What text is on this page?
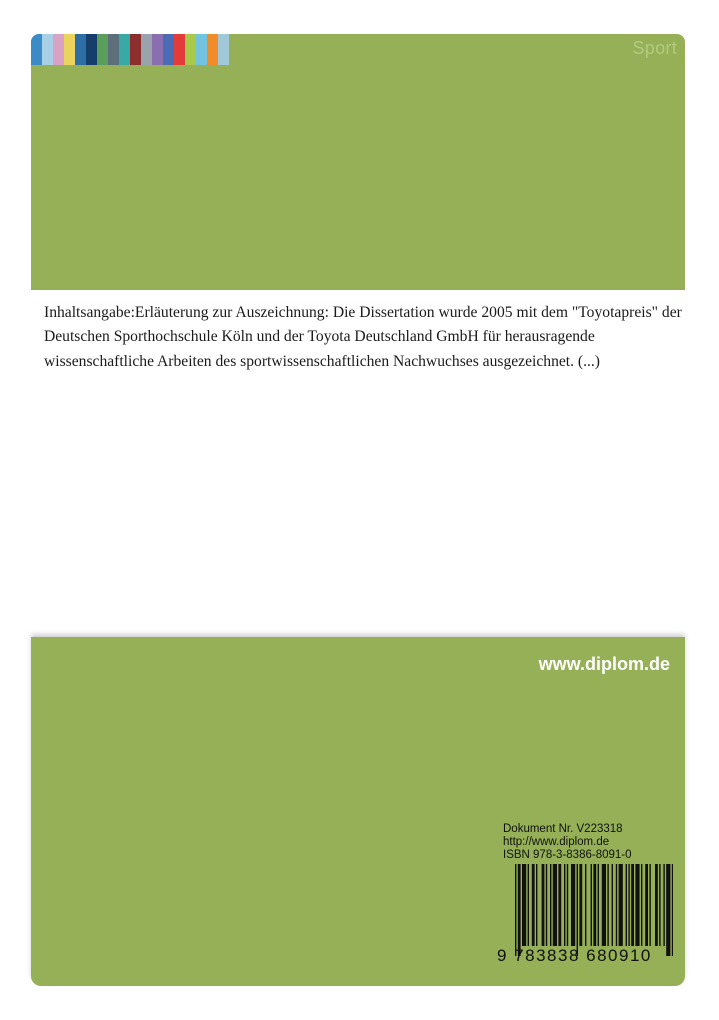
Sport

Inhaltsangabe:Erläuterung zur Auszeichnung: Die Dissertation wurde 2005 mit dem "Toyotapreis" der Deutschen Sporthochschule Köln und der Toyota Deutschland GmbH für herausragende wissenschaftliche Arbeiten des sportwissenschaftlichen Nachwuchses ausgezeichnet. (...)

www.diplom.de
Dokument Nr. V223318
http://www.diplom.de
ISBN 978-3-8386-8091-0
9 783838 680910
